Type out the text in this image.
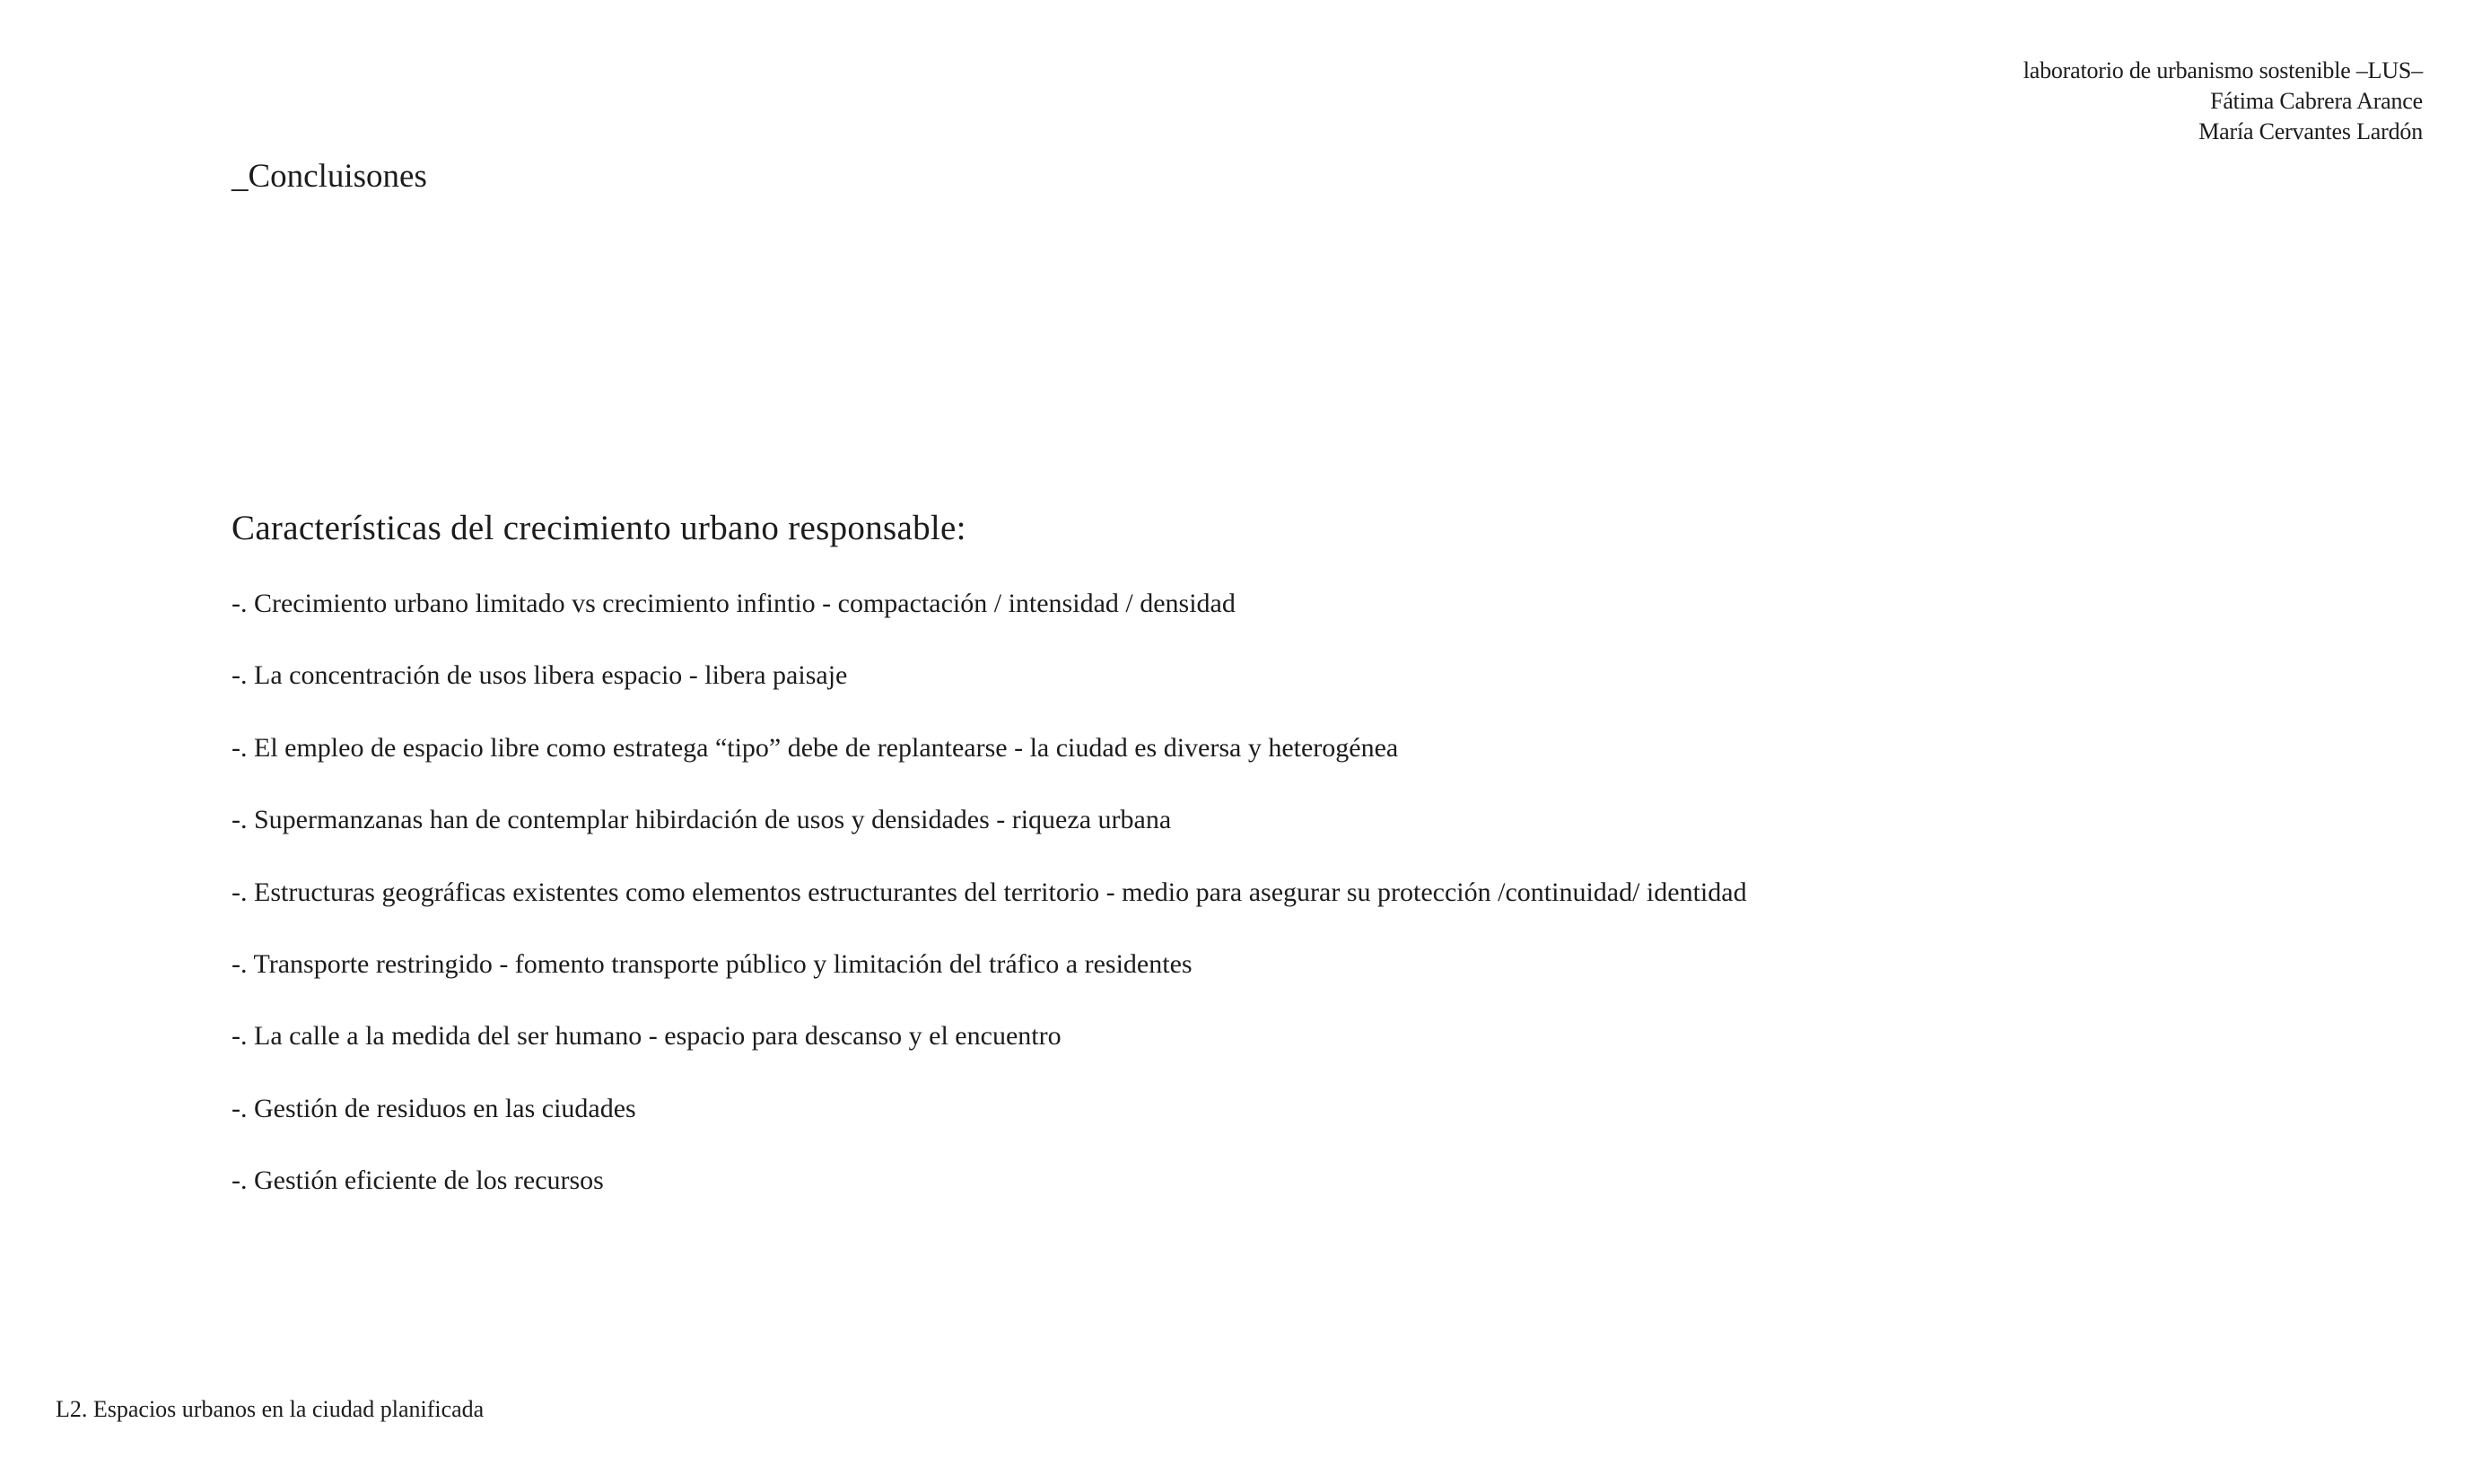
laboratorio de urbanismo sostenible –LUS–
Fátima Cabrera Arance
María Cervantes Lardón
_Concluisones
Características del crecimiento urbano responsable:
-. Crecimiento urbano limitado vs crecimiento infintio - compactación / intensidad / densidad
-. La concentración de usos libera espacio - libera paisaje
-. El empleo de espacio libre como estratega “tipo” debe de replantearse - la ciudad es diversa y heterogénea
-. Supermanzanas han de contemplar hibirdación de usos y densidades - riqueza urbana
-. Estructuras geográficas existentes como elementos estructurantes del territorio - medio para asegurar su protección /continuidad/ identidad
-. Transporte restringido - fomento transporte público y limitación del tráfico a residentes
-. La calle a la medida del ser humano - espacio para descanso y el encuentro
-. Gestión de residuos en las ciudades
-. Gestión eficiente de los recursos
L2. Espacios urbanos en la ciudad planificada
